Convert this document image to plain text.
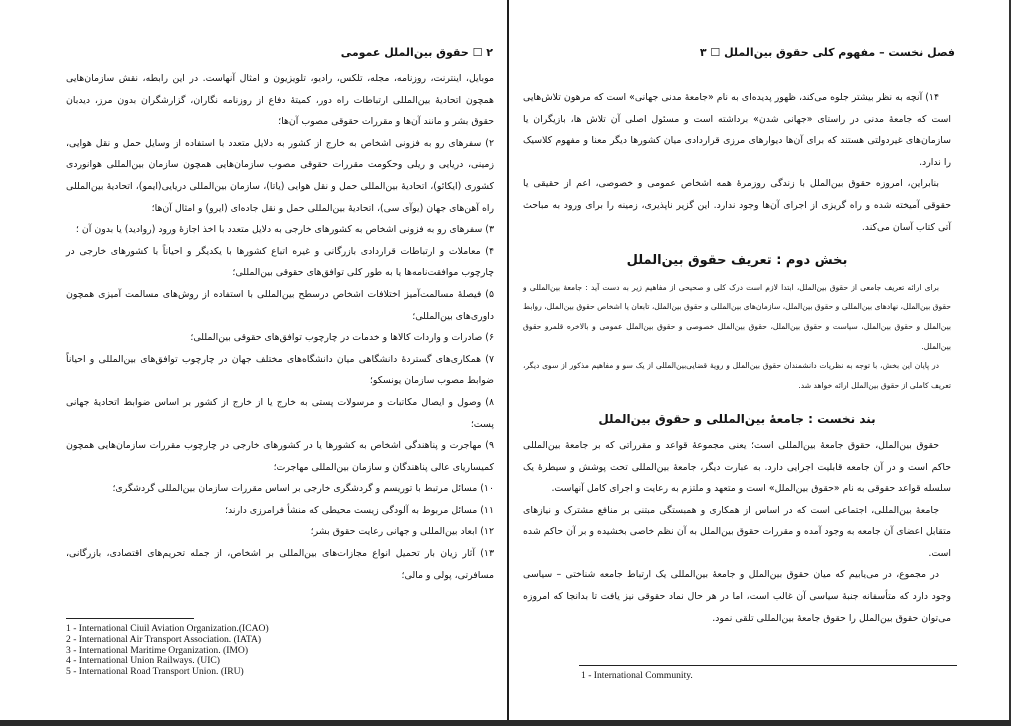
۲ ☐ حقوق بین‌الملل عمومی

موبایل، اینترنت، روزنامه، مجله، تلکس، رادیو، تلویزیون و امثال آنهاست. در این رابطه، نقش سازمان‌هایی همچون اتحادیهٔ بین‌المللی ارتباطات راه دور، کمیتهٔ دفاع از روزنامه نگاران، گزارشگران بدون مرز، دیدبان حقوق بشر و مانند آن‌ها و مقررات حقوقی مصوب آن‌ها؛

۲) سفرهای رو به فزونی اشخاص به خارج از کشور به دلایل متعدد با استفاده از وسایل حمل و نقل هوایی، زمینی، دریایی و ریلی وحکومت مقررات حقوقی مصوب سازمان‌هایی همچون سازمان بین‌المللی هوانوردی کشوری (ایکائو)، اتحادیهٔ بین‌المللی حمل و نقل هوایی (یاتا)، سازمان بین‌المللی دریایی(ایمو)، اتحادیهٔ بین‌المللی راه آهن‌های جهان (یوآی سی)، اتحادیهٔ بین‌المللی حمل و نقل جاده‌ای (ایرو) و امثال آن‌ها؛

۳) سفرهای رو به فزونی اشخاص به کشورهای خارجی به دلایل متعدد با اخذ اجازهٔ ورود (روادید) یا بدون آن ؛

۴) معاملات و ارتباطات قراردادی بازرگانی و غیره اتباع کشورها با یکدیگر و احیاناً با کشورهای خارجی در چارچوب موافقت‌نامه‌ها یا به طور کلی توافق‌های حقوقی بین‌المللی؛

۵) فیصلهٔ مسالمت‌آمیز اختلافات اشخاص درسطح بین‌المللی با استفاده از روش‌های مسالمت آمیزی همچون داوری‌های بین‌المللی؛

۶) صادرات و واردات کالاها و خدمات در چارچوب توافق‌های حقوقی بین‌المللی؛

۷) همکاری‌های گستردهٔ دانشگاهی میان دانشگاه‌های مختلف جهان در چارچوب توافق‌های بین‌المللی و احیاناً ضوابط مصوب سازمان یونسکو؛

۸) وصول و ایصال مکاتبات و مرسولات پستی به خارج یا از خارج از کشور بر اساس ضوابط اتحادیهٔ جهانی پست؛

۹) مهاجرت و پناهندگی اشخاص به کشورها یا در کشورهای خارجی در چارچوب مقررات سازمان‌هایی همچون کمیساریای عالی پناهندگان و سازمان بین‌المللی مهاجرت؛

۱۰) مسائل مرتبط با توریسم و گردشگری خارجی بر اساس مقررات سازمان بین‌المللی گردشگری؛

۱۱) مسائل مربوط به آلودگی زیست محیطی که منشأ فرامرزی دارند؛

۱۲) ابعاد بین‌المللی و جهانی رعایت حقوق بشر؛

۱۳) آثار زیان بار تحمیل انواع مجازات‌های بین‌المللی بر اشخاص، از جمله تحریم‌های اقتصادی، بازرگانی، مسافرتی، پولی و مالی؛

1 - International Ciuil Aviation Organization.(ICAO)

2 - International Air Transport Association. (IATA)

3 - International Maritime Organization. (IMO)

4 - International Union Railways. (UIC)

5 - International Road Transport Union. (IRU)

فصل نخست – مفهوم کلی حقوق بین‌الملل ☐ ۳

۱۴) آنچه به نظر بیشتر جلوه می‌کند، ظهور پدیده‌ای به نام «جامعهٔ مدنی جهانی» است که مرهون تلاش‌هایی است که جامعهٔ مدنی در راستای «جهانی شدن» برداشته است و مسئول اصلی آن تلاش ها، بازیگران یا سازمان‌های غیردولتی هستند که برای آن‌ها دیوارهای مرزی قراردادی میان کشورها دیگر معنا و مفهوم کلاسیک را ندارد.

بنابراین، امروزه حقوق بین‌الملل با زندگی روزمرهٔ همه اشخاص عمومی و خصوصی، اعم از حقیقی یا حقوقی آمیخته شده و راه گریزی از اجرای آن‌ها وجود ندارد. این گزیر ناپذیری، زمینه را برای ورود به مباحث آتی کتاب آسان می‌کند.

بخش دوم : تعریف حقوق بین‌الملل

برای ارائه تعریف جامعی از حقوق بین‌الملل، ابتدا لازم است درک کلی و صحیحی از مفاهیم زیر به دست آید : جامعهٔ بین‌المللی و حقوق بین‌الملل، نهادهای بین‌المللی و حقوق بین‌الملل، سازمان‌های بین‌المللی و حقوق بین‌الملل، تابعان یا اشخاص حقوق بین‌الملل، روابط بین‌الملل و حقوق بین‌الملل، سیاست و حقوق بین‌الملل، حقوق بین‌الملل خصوصی و حقوق بین‌الملل عمومی و بالاخره قلمرو حقوق بین‌الملل.

در پایان این بخش، با توجه به نظریات دانشمندان حقوق بین‌الملل و رویهٔ قضایی‌بین‌المللی از یک سو و مفاهیم مذکور از سوی دیگر، تعریف کاملی از حقوق بین‌الملل ارائه خواهد شد.

بند نخست : جامعهٔ بین‌المللی و حقوق بین‌الملل

حقوق بین‌الملل، حقوق جامعهٔ بین‌المللی است؛ یعنی مجموعهٔ قواعد و مقرراتی که بر جامعهٔ بین‌المللی حاکم است و در آن جامعه قابلیت اجرایی دارد. به عبارت دیگر، جامعهٔ بین‌المللی تحت پوشش و سیطرهٔ یک سلسله قواعد حقوقی به نام «حقوق بین‌الملل» است و متعهد و ملتزم به رعایت و اجرای کامل آنهاست.

جامعهٔ بین‌المللی، اجتماعی است که در اساس از همکاری و همبستگی مبتنی بر منافع مشترک و نیازهای متقابل اعضای آن جامعه به وجود آمده و مقررات حقوق بین‌الملل به آن نظم خاصی بخشیده و بر آن حاکم شده است.

در مجموع، در می‌یابیم که میان حقوق بین‌الملل و جامعهٔ بین‌المللی یک ارتباط جامعه شناختی – سیاسی وجود دارد که متأسفانه جنبهٔ سیاسی آن غالب است، اما در هر حال نماد حقوقی نیز یافت تا بدانجا که امروزه می‌توان حقوق بین‌الملل را حقوق جامعهٔ بین‌المللی تلقی نمود.

1 - International Community.
